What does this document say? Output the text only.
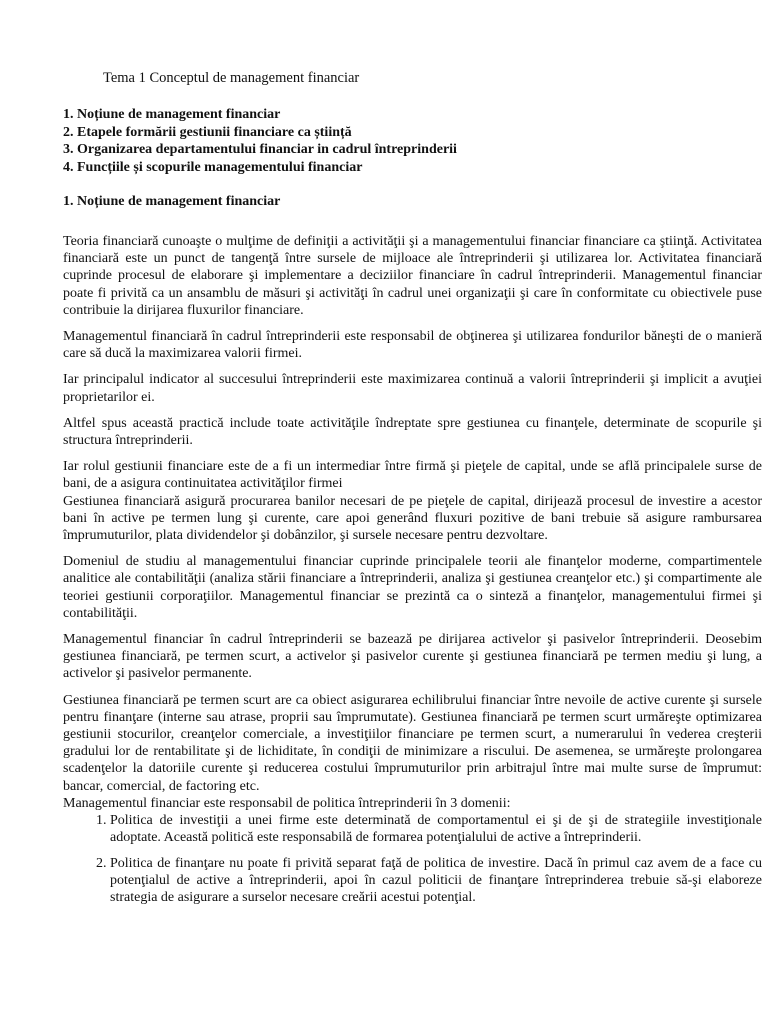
Tema 1 Conceptul de management financiar
1. Noțiune de management financiar
2. Etapele formării gestiunii financiare ca știință
3. Organizarea departamentului financiar in cadrul întreprinderii
4. Funcțiile și scopurile managementului financiar
1. Noțiune de management financiar

Teoria financiară cunoaşte o mulţime de definiţii a activităţii şi a managementului financiar financiare ca ştiinţă. Activitatea financiară este un punct de tangenţă între sursele de mijloace ale întreprinderii şi utilizarea lor. Activitatea financiară cuprinde procesul de elaborare şi implementare a deciziilor financiare în cadrul întreprinderii. Managementul financiar poate fi privită ca un ansamblu de măsuri şi activităţi în cadrul unei organizaţii şi care în conformitate cu obiectivele puse contribuie la dirijarea fluxurilor financiare.

Managementul financiară în cadrul întreprinderii este responsabil de obţinerea şi utilizarea fondurilor băneşti de o manieră care să ducă la maximizarea valorii firmei.

Iar principalul indicator al succesului întreprinderii este maximizarea continuă a valorii întreprinderii şi implicit a avuţiei proprietarilor ei.

Altfel spus această practică include toate activităţile îndreptate spre gestiunea cu finanţele, determinate de scopurile şi structura întreprinderii.

Iar rolul gestiunii financiare este de a fi un intermediar între firmă şi pieţele de capital, unde se află principalele surse de bani, de a asigura continuitatea activităţilor firmei

Gestiunea financiară asigură procurarea banilor necesari de pe pieţele de capital, dirijează procesul de investire a acestor bani în active pe termen lung şi curente, care apoi generând fluxuri pozitive de bani trebuie să asigure rambursarea împrumuturilor, plata dividendelor şi dobânzilor, şi sursele necesare pentru dezvoltare.

Domeniul de studiu al managementului financiar cuprinde principalele teorii ale finanţelor moderne, compartimentele analitice ale contabilităţii (analiza stării financiare a întreprinderii, analiza şi gestiunea creanţelor etc.) şi compartimente ale teoriei gestiunii corporaţiilor. Managementul financiar se prezintă ca o sinteză a finanţelor, managementului firmei şi contabilităţii.

Managementul financiar în cadrul întreprinderii se bazează pe dirijarea activelor şi pasivelor întreprinderii. Deosebim gestiunea financiară, pe termen scurt, a activelor şi pasivelor curente şi gestiunea financiară pe termen mediu şi lung, a activelor şi pasivelor permanente.

Gestiunea financiară pe termen scurt are ca obiect asigurarea echilibrului financiar între nevoile de active curente şi sursele pentru finanţare (interne sau atrase, proprii sau împrumutate). Gestiunea financiară pe termen scurt urmăreşte optimizarea gestiunii stocurilor, creanţelor comerciale, a investiţiilor financiare pe termen scurt, a numerarului în vederea creşterii gradului lor de rentabilitate şi de lichiditate, în condiţii de minimizare a riscului. De asemenea, se urmăreşte prolongarea scadenţelor la datoriile curente şi reducerea costului împrumuturilor prin arbitrajul între mai multe surse de împrumut: bancar, comercial, de factoring etc.

Managementul financiar este responsabil de politica întreprinderii în 3 domenii:
1. Politica de investiţii a unei firme este determinată de comportamentul ei şi de şi de strategiile investiţionale adoptate. Această politică este responsabilă de formarea potenţialului de active a întreprinderii.
2. Politica de finanţare nu poate fi privită separat faţă de politica de investire. Dacă în primul caz avem de a face cu potenţialul de active a întreprinderii, apoi în cazul politicii de finanţare întreprinderea trebuie să-şi elaboreze strategia de asigurare a surselor necesare creării acestui potenţial.
